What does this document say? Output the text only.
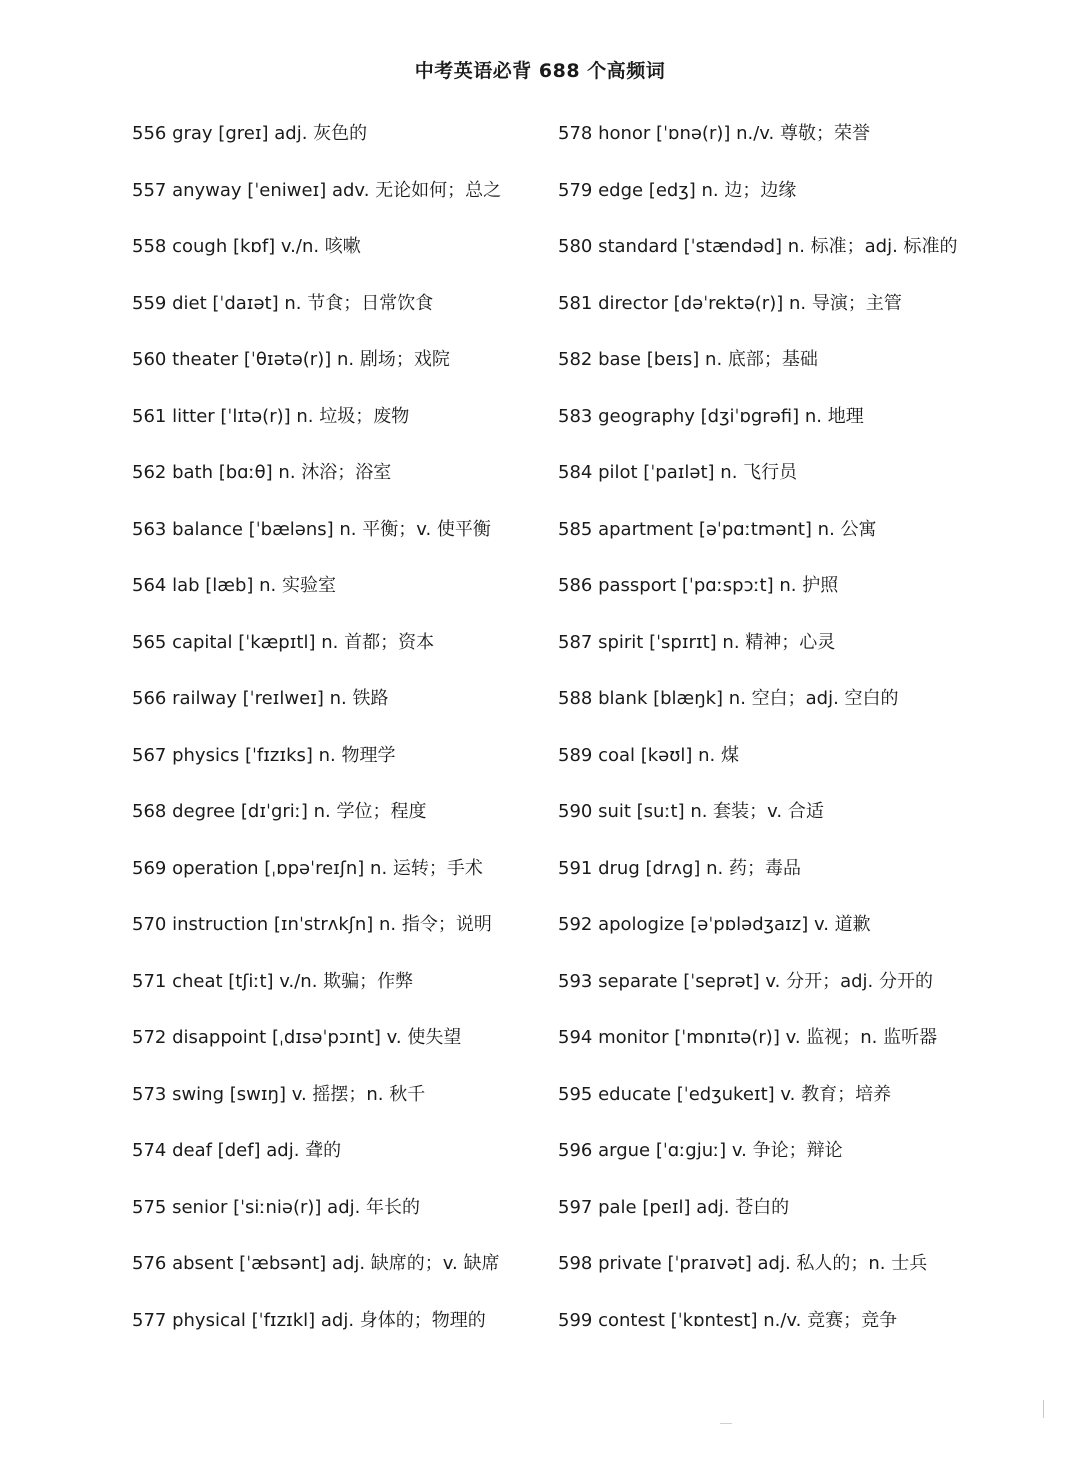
中考英语必背 688 个高频词
556 gray [greɪ] adj. 灰色的
557 anyway [ˈeniweɪ] adv. 无论如何；总之
558 cough [kɒf] v./n. 咳嗽
559 diet [ˈdaɪət] n. 节食；日常饮食
560 theater [ˈθɪətə(r)] n. 剧场；戏院
561 litter [ˈlɪtə(r)] n. 垃圾；废物
562 bath [bɑːθ] n. 沐浴；浴室
563 balance [ˈbæləns] n. 平衡；v. 使平衡
564 lab [læb] n. 实验室
565 capital [ˈkæpɪtl] n. 首都；资本
566 railway [ˈreɪlweɪ] n. 铁路
567 physics [ˈfɪzɪks] n. 物理学
568 degree [dɪˈgriː] n. 学位；程度
569 operation [ˌɒpəˈreɪʃn] n. 运转；手术
570 instruction [ɪnˈstrʌkʃn] n. 指令；说明
571 cheat [tʃiːt] v./n. 欺骗；作弊
572 disappoint [ˌdɪsəˈpɔɪnt] v. 使失望
573 swing [swɪŋ] v. 摇摆；n. 秋千
574 deaf [def] adj. 聋的
575 senior [ˈsiːniə(r)] adj. 年长的
576 absent [ˈæbsənt] adj. 缺席的；v. 缺席
577 physical [ˈfɪzɪkl] adj. 身体的；物理的
578 honor [ˈɒnə(r)] n./v. 尊敬；荣誉
579 edge [edʒ] n. 边；边缘
580 standard [ˈstændəd] n. 标准；adj. 标准的
581 director [dəˈrektə(r)] n. 导演；主管
582 base [beɪs] n. 底部；基础
583 geography [dʒiˈɒgrəfi] n. 地理
584 pilot [ˈpaɪlət] n. 飞行员
585 apartment [əˈpɑːtmənt] n. 公寓
586 passport [ˈpɑːspɔːt] n. 护照
587 spirit [ˈspɪrɪt] n. 精神；心灵
588 blank [blæŋk] n. 空白；adj. 空白的
589 coal [kəʊl] n. 煤
590 suit [suːt] n. 套装；v. 合适
591 drug [drʌg] n. 药；毒品
592 apologize [əˈpɒlədʒaɪz] v. 道歉
593 separate [ˈseprət] v. 分开；adj. 分开的
594 monitor [ˈmɒnɪtə(r)] v. 监视；n. 监听器
595 educate [ˈedʒukeɪt] v. 教育；培养
596 argue [ˈɑːgjuː] v. 争论；辩论
597 pale [peɪl] adj. 苍白的
598 private [ˈpraɪvət] adj. 私人的；n. 士兵
599 contest [ˈkɒntest] n./v. 竞赛；竞争
